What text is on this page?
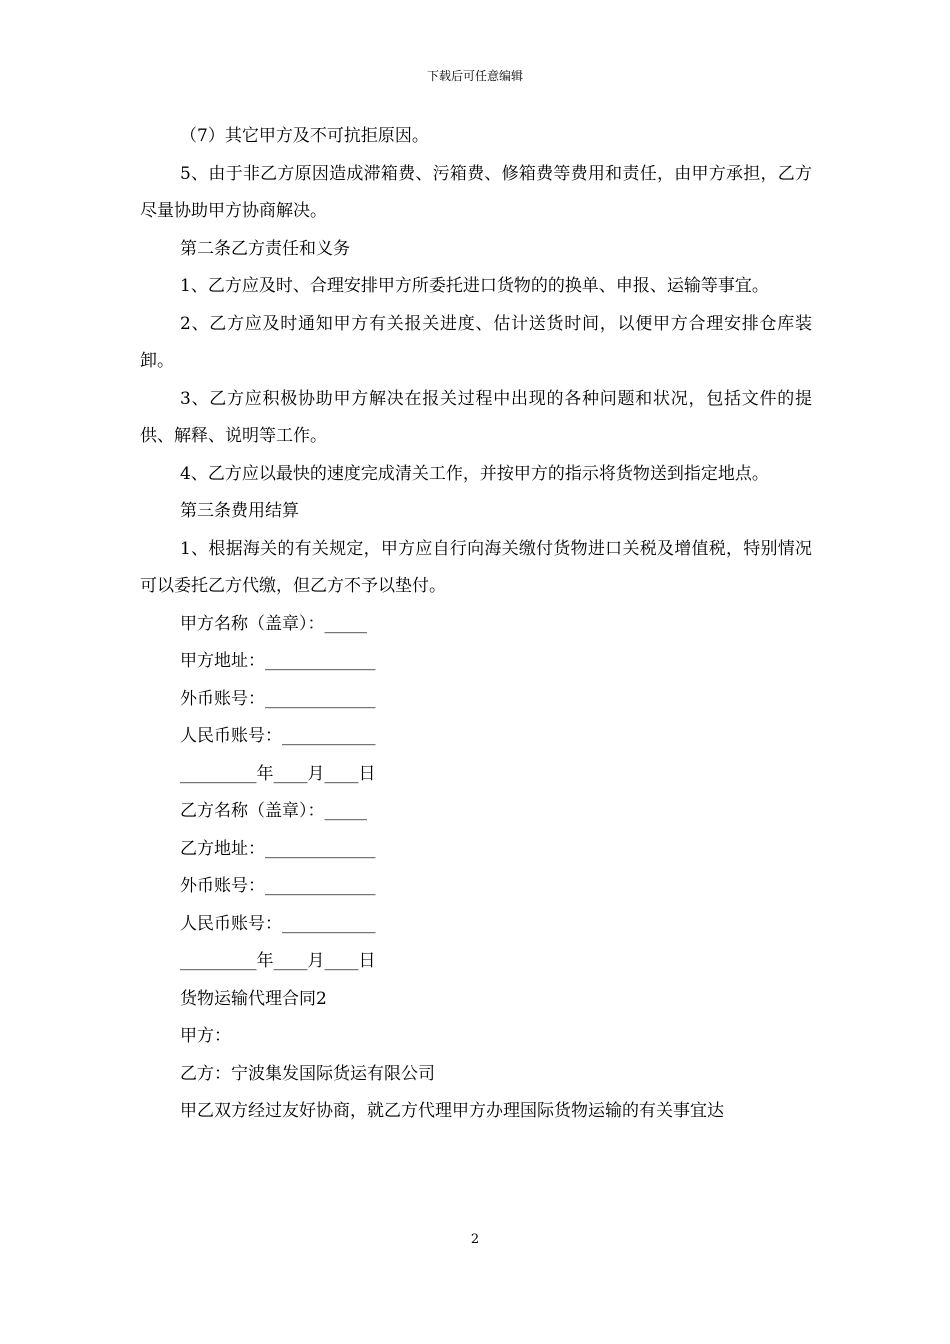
下载后可任意编辑

（7）其它甲方及不可抗拒原因。

5、由于非乙方原因造成滞箱费、污箱费、修箱费等费用和责任，由甲方承担，乙方尽量协助甲方协商解决。

第二条乙方责任和义务

1、乙方应及时、合理安排甲方所委托进口货物的的换单、申报、运输等事宜。

2、乙方应及时通知甲方有关报关进度、估计送货时间，以便甲方合理安排仓库装卸。

3、乙方应积极协助甲方解决在报关过程中出现的各种问题和状况，包括文件的提供、解释、说明等工作。

4、乙方应以最快的速度完成清关工作，并按甲方的指示将货物送到指定地点。

第三条费用结算

1、根据海关的有关规定，甲方应自行向海关缴付货物进口关税及增值税，特别情况可以委托乙方代缴，但乙方不予以垫付。

甲方名称（盖章）：_____

甲方地址：_____________

外币账号：_____________

人民币账号：___________

_________年____月____日

乙方名称（盖章）：_____

乙方地址：_____________

外币账号：_____________

人民币账号：___________

_________年____月____日

货物运输代理合同2

甲方：

乙方：宁波集发国际货运有限公司

甲乙双方经过友好协商，就乙方代理甲方办理国际货物运输的有关事宜达

2
